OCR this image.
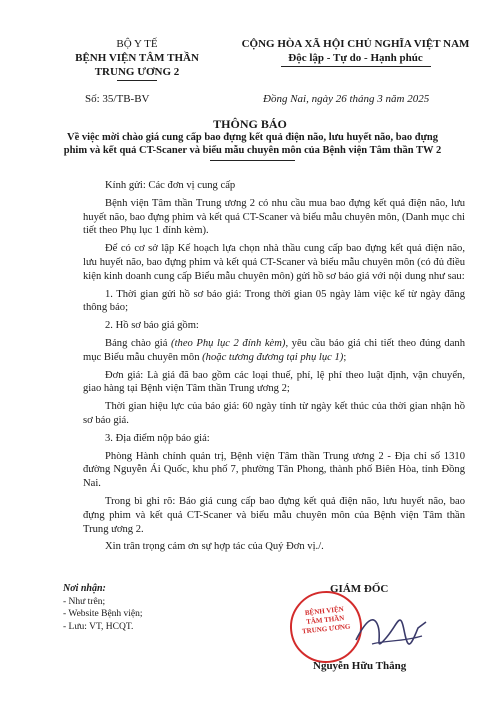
BỘ Y TẾ
BỆNH VIỆN TÂM THẦN
TRUNG ƯƠNG 2
CỘNG HÒA XÃ HỘI CHỦ NGHĨA VIỆT NAM
Độc lập - Tự do - Hạnh phúc
Số: 35/TB-BV	Đồng Nai, ngày 26 tháng 3 năm 2025
THÔNG BÁO
Về việc mời chào giá cung cấp bao đựng kết quả điện não, lưu huyết não, bao đựng phim và kết quả CT-Scaner và biểu mẫu chuyên môn của Bệnh viện Tâm thần TW 2

Kính gửi: Các đơn vị cung cấp

Bệnh viện Tâm thần Trung ương 2 có nhu cầu mua bao đựng kết quả điện não, lưu huyết não, bao đựng phim và kết quả CT-Scaner và biểu mẫu chuyên môn, (Danh mục chi tiết theo Phụ lục 1 đính kèm).

Để có cơ sở lập Kế hoạch lựa chọn nhà thầu cung cấp bao đựng kết quả điện não, lưu huyết não, bao đựng phim và kết quả CT-Scaner và biểu mẫu chuyên môn (có đủ điều kiện kinh doanh cung cấp Biểu mẫu chuyên môn) gửi hồ sơ báo giá với nội dung như sau:

1. Thời gian gửi hồ sơ báo giá: Trong thời gian 05 ngày làm việc kể từ ngày đăng thông báo;

2. Hồ sơ báo giá gồm:

Bảng chào giá (theo Phụ lục 2 đính kèm), yêu cầu báo giá chi tiết theo đúng danh mục Biểu mẫu chuyên môn (hoặc tương đương tại phụ lục 1);

Đơn giá: Là giá đã bao gồm các loại thuế, phí, lệ phí theo luật định, vận chuyển, giao hàng tại Bệnh viện Tâm thần Trung ương 2;

Thời gian hiệu lực của báo giá: 60 ngày tính từ ngày kết thúc của thời gian nhận hồ sơ báo giá.

3. Địa điểm nộp báo giá:

Phòng Hành chính quản trị, Bệnh viện Tâm thần Trung ương 2 - Địa chỉ số 1310 đường Nguyễn Ái Quốc, khu phố 7, phường Tân Phong, thành phố Biên Hòa, tỉnh Đồng Nai.

Trong bì ghi rõ: Báo giá cung cấp bao đựng kết quả điện não, lưu huyết não, bao đựng phim và kết quả CT-Scaner và biểu mẫu chuyên môn của Bệnh viện Tâm thần Trung ương 2.

Xin trân trọng cảm ơn sự hợp tác của Quý Đơn vị./.

Nơi nhận:
- Như trên;
- Website Bệnh viện;
- Lưu: VT, HCQT.
GIÁM ĐỐC
BỆNH VIỆN
TÂM THẦN
TRUNG ƯƠNG
Nguyễn Hữu Thắng
